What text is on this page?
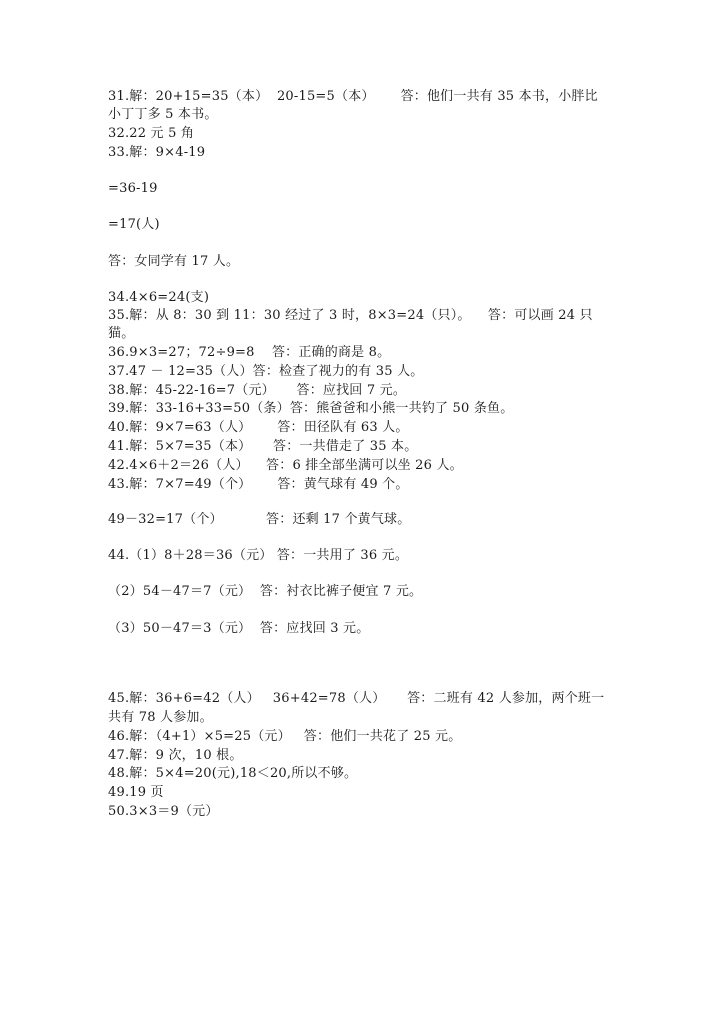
31.解：20+15=35（本）  20-15=5（本）      答：他们一共有 35 本书，小胖比
小丁丁多 5 本书。
32.22 元 5 角
33.解：9×4-19
=36-19
=17(人)
答：女同学有 17 人。
34.4×6=24(支)
35.解：从 8：30 到 11：30 经过了 3 时，8×3=24（只）。    答：可以画 24 只
猫。
36.9×3=27；72÷9=8    答：正确的商是 8。
37.47 － 12=35（人）答：检查了视力的有 35 人。
38.解：45-22-16=7（元）     答：应找回 7 元。
39.解：33-16+33=50（条）答：熊爸爸和小熊一共钓了 50 条鱼。
40.解：9×7=63（人）      答：田径队有 63 人。
41.解：5×7=35（本）     答：一共借走了 35 本。
42.4×6＋2＝26（人）    答：6 排全部坐满可以坐 26 人。
43.解：7×7=49（个）      答：黄气球有 49 个。
49－32=17（个）          答：还剩 17 个黄气球。
44.（1）8＋28＝36（元） 答：一共用了 36 元。
（2）54－47＝7（元）  答：衬衣比裤子便宜 7 元。
（3）50－47＝3（元）  答：应找回 3 元。
45.解：36+6=42（人）   36+42=78（人）     答：二班有 42 人参加，两个班一
共有 78 人参加。
46.解：（4+1）×5=25（元）   答：他们一共花了 25 元。
47.解：9 次，10 根。
48.解：5×4=20(元),18＜20,所以不够。
49.19 页
50.3×3＝9（元）
